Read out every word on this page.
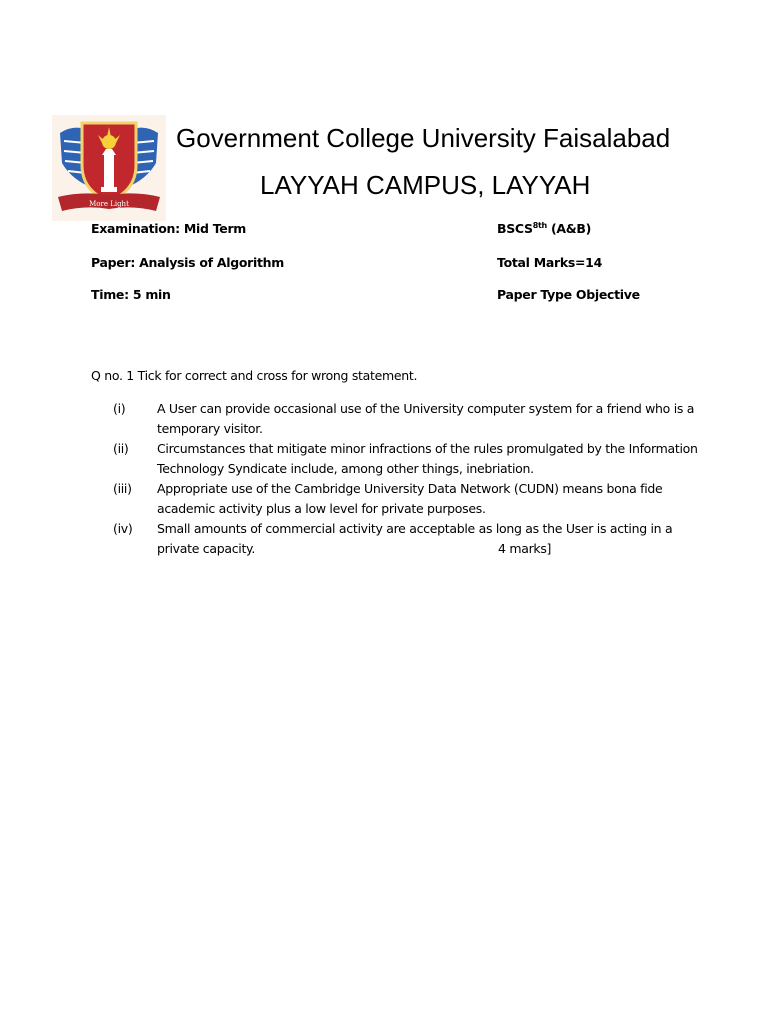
More Light
Government College University Faisalabad
LAYYAH CAMPUS, LAYYAH
Examination: Mid Term
Paper: Analysis of Algorithm
Time: 5 min
$BSCS^{8th}$ (A&B)
Total Marks=14
Paper Type Objective
Q no. 1 Tick for correct and cross for wrong statement.
(i)	A User can provide occasional use of the University computer system for a friend who is a
temporary visitor.
(ii) Circumstances that mitigate minor infractions of the rules promulgated by the Information
Technology Syndicate include, among other things, inebriation.
(iii) Appropriate use of the Cambridge University Data Network (CUDN) means bona fide
academic activity plus a low level for private purposes.
(iv) Small amounts of commercial activity are acceptable as long as the User is acting in a
private capacity.	4 marks]
